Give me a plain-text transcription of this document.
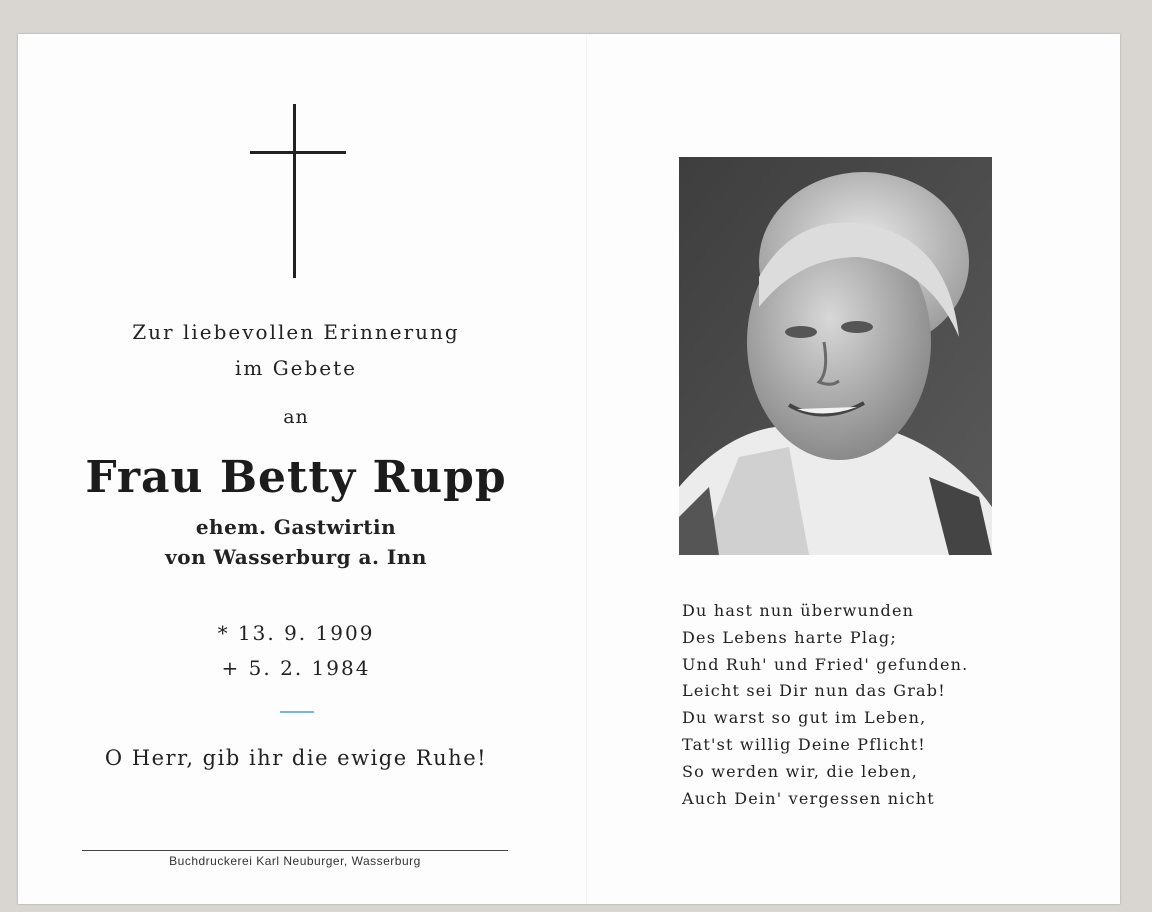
Zur liebevollen Erinnerung
im Gebete
an
Frau Betty Rupp
ehem. Gastwirtin
von Wasserburg a. Inn
* 13. 9. 1909
+ 5. 2. 1984
O Herr, gib ihr die ewige Ruhe!
Buchdruckerei Karl Neuburger, Wasserburg
Du hast nun überwunden
Des Lebens harte Plag;
Und Ruh' und Fried' gefunden.
Leicht sei Dir nun das Grab!
Du warst so gut im Leben,
Tat'st willig Deine Pflicht!
So werden wir, die leben,
Auch Dein' vergessen nicht
